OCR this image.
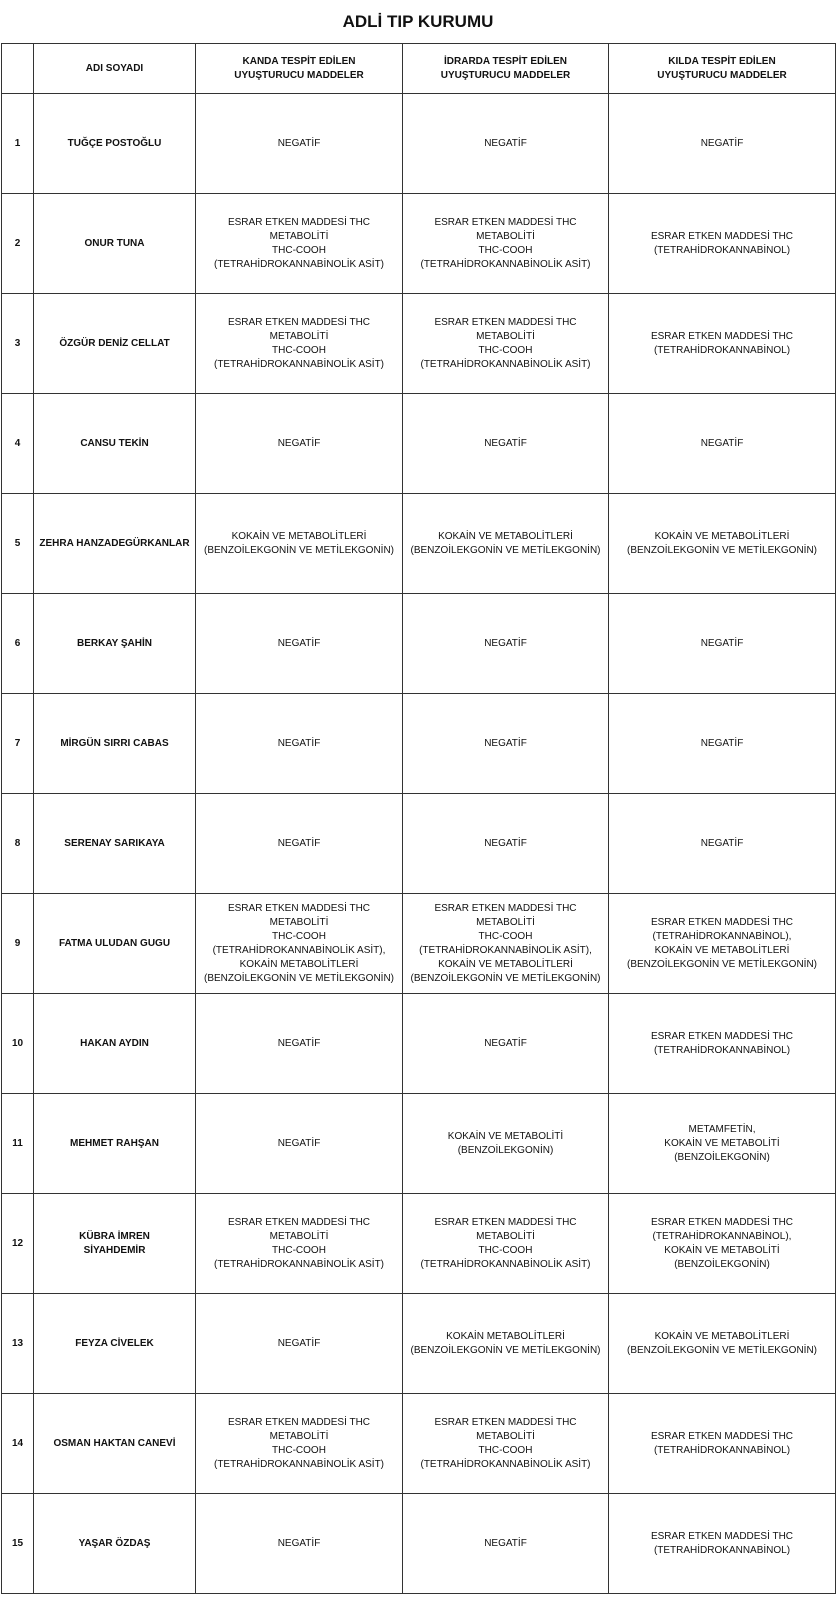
ADLİ TIP KURUMU
	ADI SOYADI	KANDA TESPİT EDİLEN
UYUŞTURUCU MADDELER	İDRARDA TESPİT EDİLEN
UYUŞTURUCU MADDELER	KILDA TESPİT EDİLEN
UYUŞTURUCU MADDELER

1	TUĞÇE POSTOĞLU	NEGATİF	NEGATİF	NEGATİF

2	ONUR TUNA	ESRAR ETKEN MADDESİ THC METABOLİTİ
THC-COOH
(TETRAHİDROKANNABİNOLİK ASİT)	ESRAR ETKEN MADDESİ THC METABOLİTİ
THC-COOH
(TETRAHİDROKANNABİNOLİK ASİT)	ESRAR ETKEN MADDESİ THC
(TETRAHİDROKANNABİNOL)

3	ÖZGÜR DENİZ CELLAT	ESRAR ETKEN MADDESİ THC METABOLİTİ
THC-COOH
(TETRAHİDROKANNABİNOLİK ASİT)	ESRAR ETKEN MADDESİ THC METABOLİTİ
THC-COOH
(TETRAHİDROKANNABİNOLİK ASİT)	ESRAR ETKEN MADDESİ THC
(TETRAHİDROKANNABİNOL)

4	CANSU TEKİN	NEGATİF	NEGATİF	NEGATİF

5	ZEHRA HANZADEGÜRKANLAR	KOKAİN VE METABOLİTLERİ
(BENZOİLEKGONİN VE METİLEKGONİN)	KOKAİN VE METABOLİTLERİ
(BENZOİLEKGONİN VE METİLEKGONİN)	KOKAİN VE METABOLİTLERİ
(BENZOİLEKGONİN VE METİLEKGONİN)

6	BERKAY ŞAHİN	NEGATİF	NEGATİF	NEGATİF

7	MİRGÜN SIRRI CABAS	NEGATİF	NEGATİF	NEGATİF

8	SERENAY SARIKAYA	NEGATİF	NEGATİF	NEGATİF

9	FATMA ULUDAN GUGU	ESRAR ETKEN MADDESİ THC METABOLİTİ
THC-COOH
(TETRAHİDROKANNABİNOLİK ASİT),
KOKAİN METABOLİTLERİ
(BENZOİLEKGONİN VE METİLEKGONİN)	ESRAR ETKEN MADDESİ THC METABOLİTİ
THC-COOH
(TETRAHİDROKANNABİNOLİK ASİT),
KOKAİN VE METABOLİTLERİ
(BENZOİLEKGONİN VE METİLEKGONİN)	ESRAR ETKEN MADDESİ THC
(TETRAHİDROKANNABİNOL),
KOKAİN VE METABOLİTLERİ
(BENZOİLEKGONİN VE METİLEKGONİN)

10	HAKAN AYDIN	NEGATİF	NEGATİF	ESRAR ETKEN MADDESİ THC
(TETRAHİDROKANNABİNOL)

11	MEHMET RAHŞAN	NEGATİF	KOKAİN VE METABOLİTİ
(BENZOİLEKGONİN)	METAMFETİN,
KOKAİN VE METABOLİTİ
(BENZOİLEKGONİN)

12	KÜBRA İMREN
SİYAHDEMİR	ESRAR ETKEN MADDESİ THC METABOLİTİ
THC-COOH
(TETRAHİDROKANNABİNOLİK ASİT)	ESRAR ETKEN MADDESİ THC METABOLİTİ
THC-COOH
(TETRAHİDROKANNABİNOLİK ASİT)	ESRAR ETKEN MADDESİ THC
(TETRAHİDROKANNABİNOL),
KOKAİN VE METABOLİTİ
(BENZOİLEKGONİN)

13	FEYZA CİVELEK	NEGATİF	KOKAİN METABOLİTLERİ
(BENZOİLEKGONİN VE METİLEKGONİN)	KOKAİN VE METABOLİTLERİ
(BENZOİLEKGONİN VE METİLEKGONİN)

14	OSMAN HAKTAN CANEVİ	ESRAR ETKEN MADDESİ THC METABOLİTİ
THC-COOH
(TETRAHİDROKANNABİNOLİK ASİT)	ESRAR ETKEN MADDESİ THC METABOLİTİ
THC-COOH
(TETRAHİDROKANNABİNOLİK ASİT)	ESRAR ETKEN MADDESİ THC
(TETRAHİDROKANNABİNOL)

15	YAŞAR ÖZDAŞ	NEGATİF	NEGATİF	ESRAR ETKEN MADDESİ THC
(TETRAHİDROKANNABİNOL)
